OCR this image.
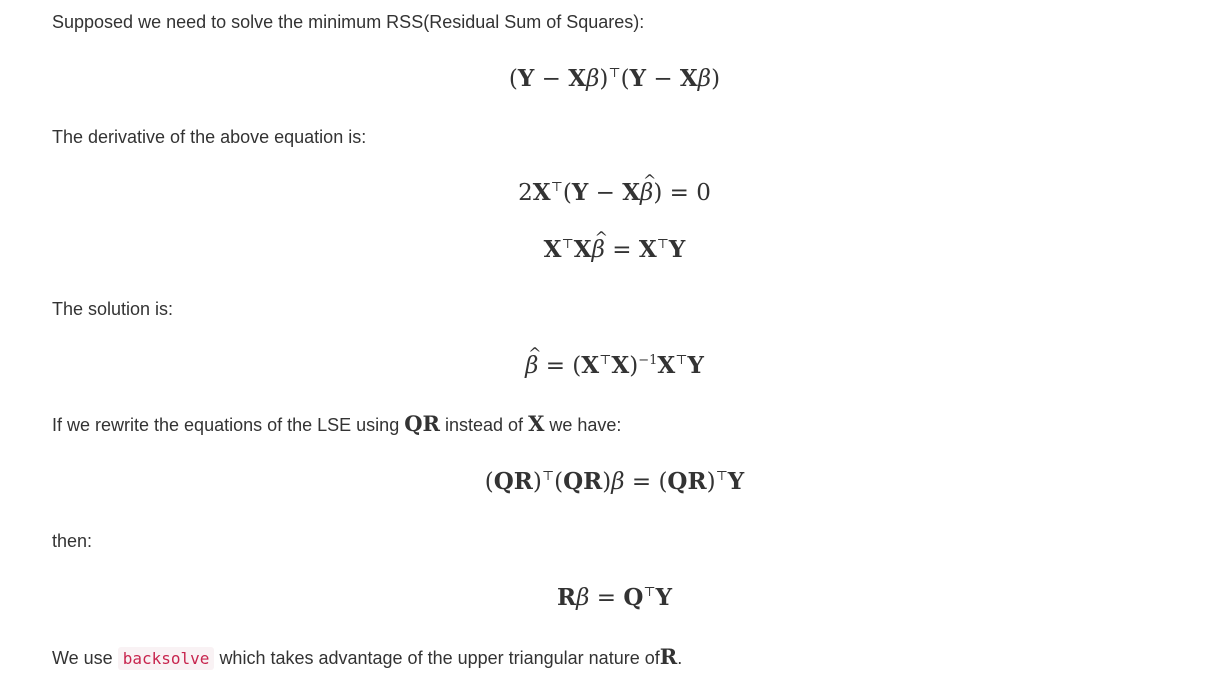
Supposed we need to solve the minimum RSS(Residual Sum of Squares):
(Y − Xβ)⊤(Y − Xβ)
The derivative of the above equation is:
2X⊤(Y − X^ β) = 0
X⊤X^ β = X⊤Y
The solution is:
^ $\beta = (X^⊤X)^{-1}X^⊤Y$
If we rewrite the equations of the LSE using QR instead of X we have:
(QR)⊤(QR)β = (QR)⊤Y
then:
Rβ = Q⊤Y
We use backsolve which takes advantage of the upper triangular nature ofR.
